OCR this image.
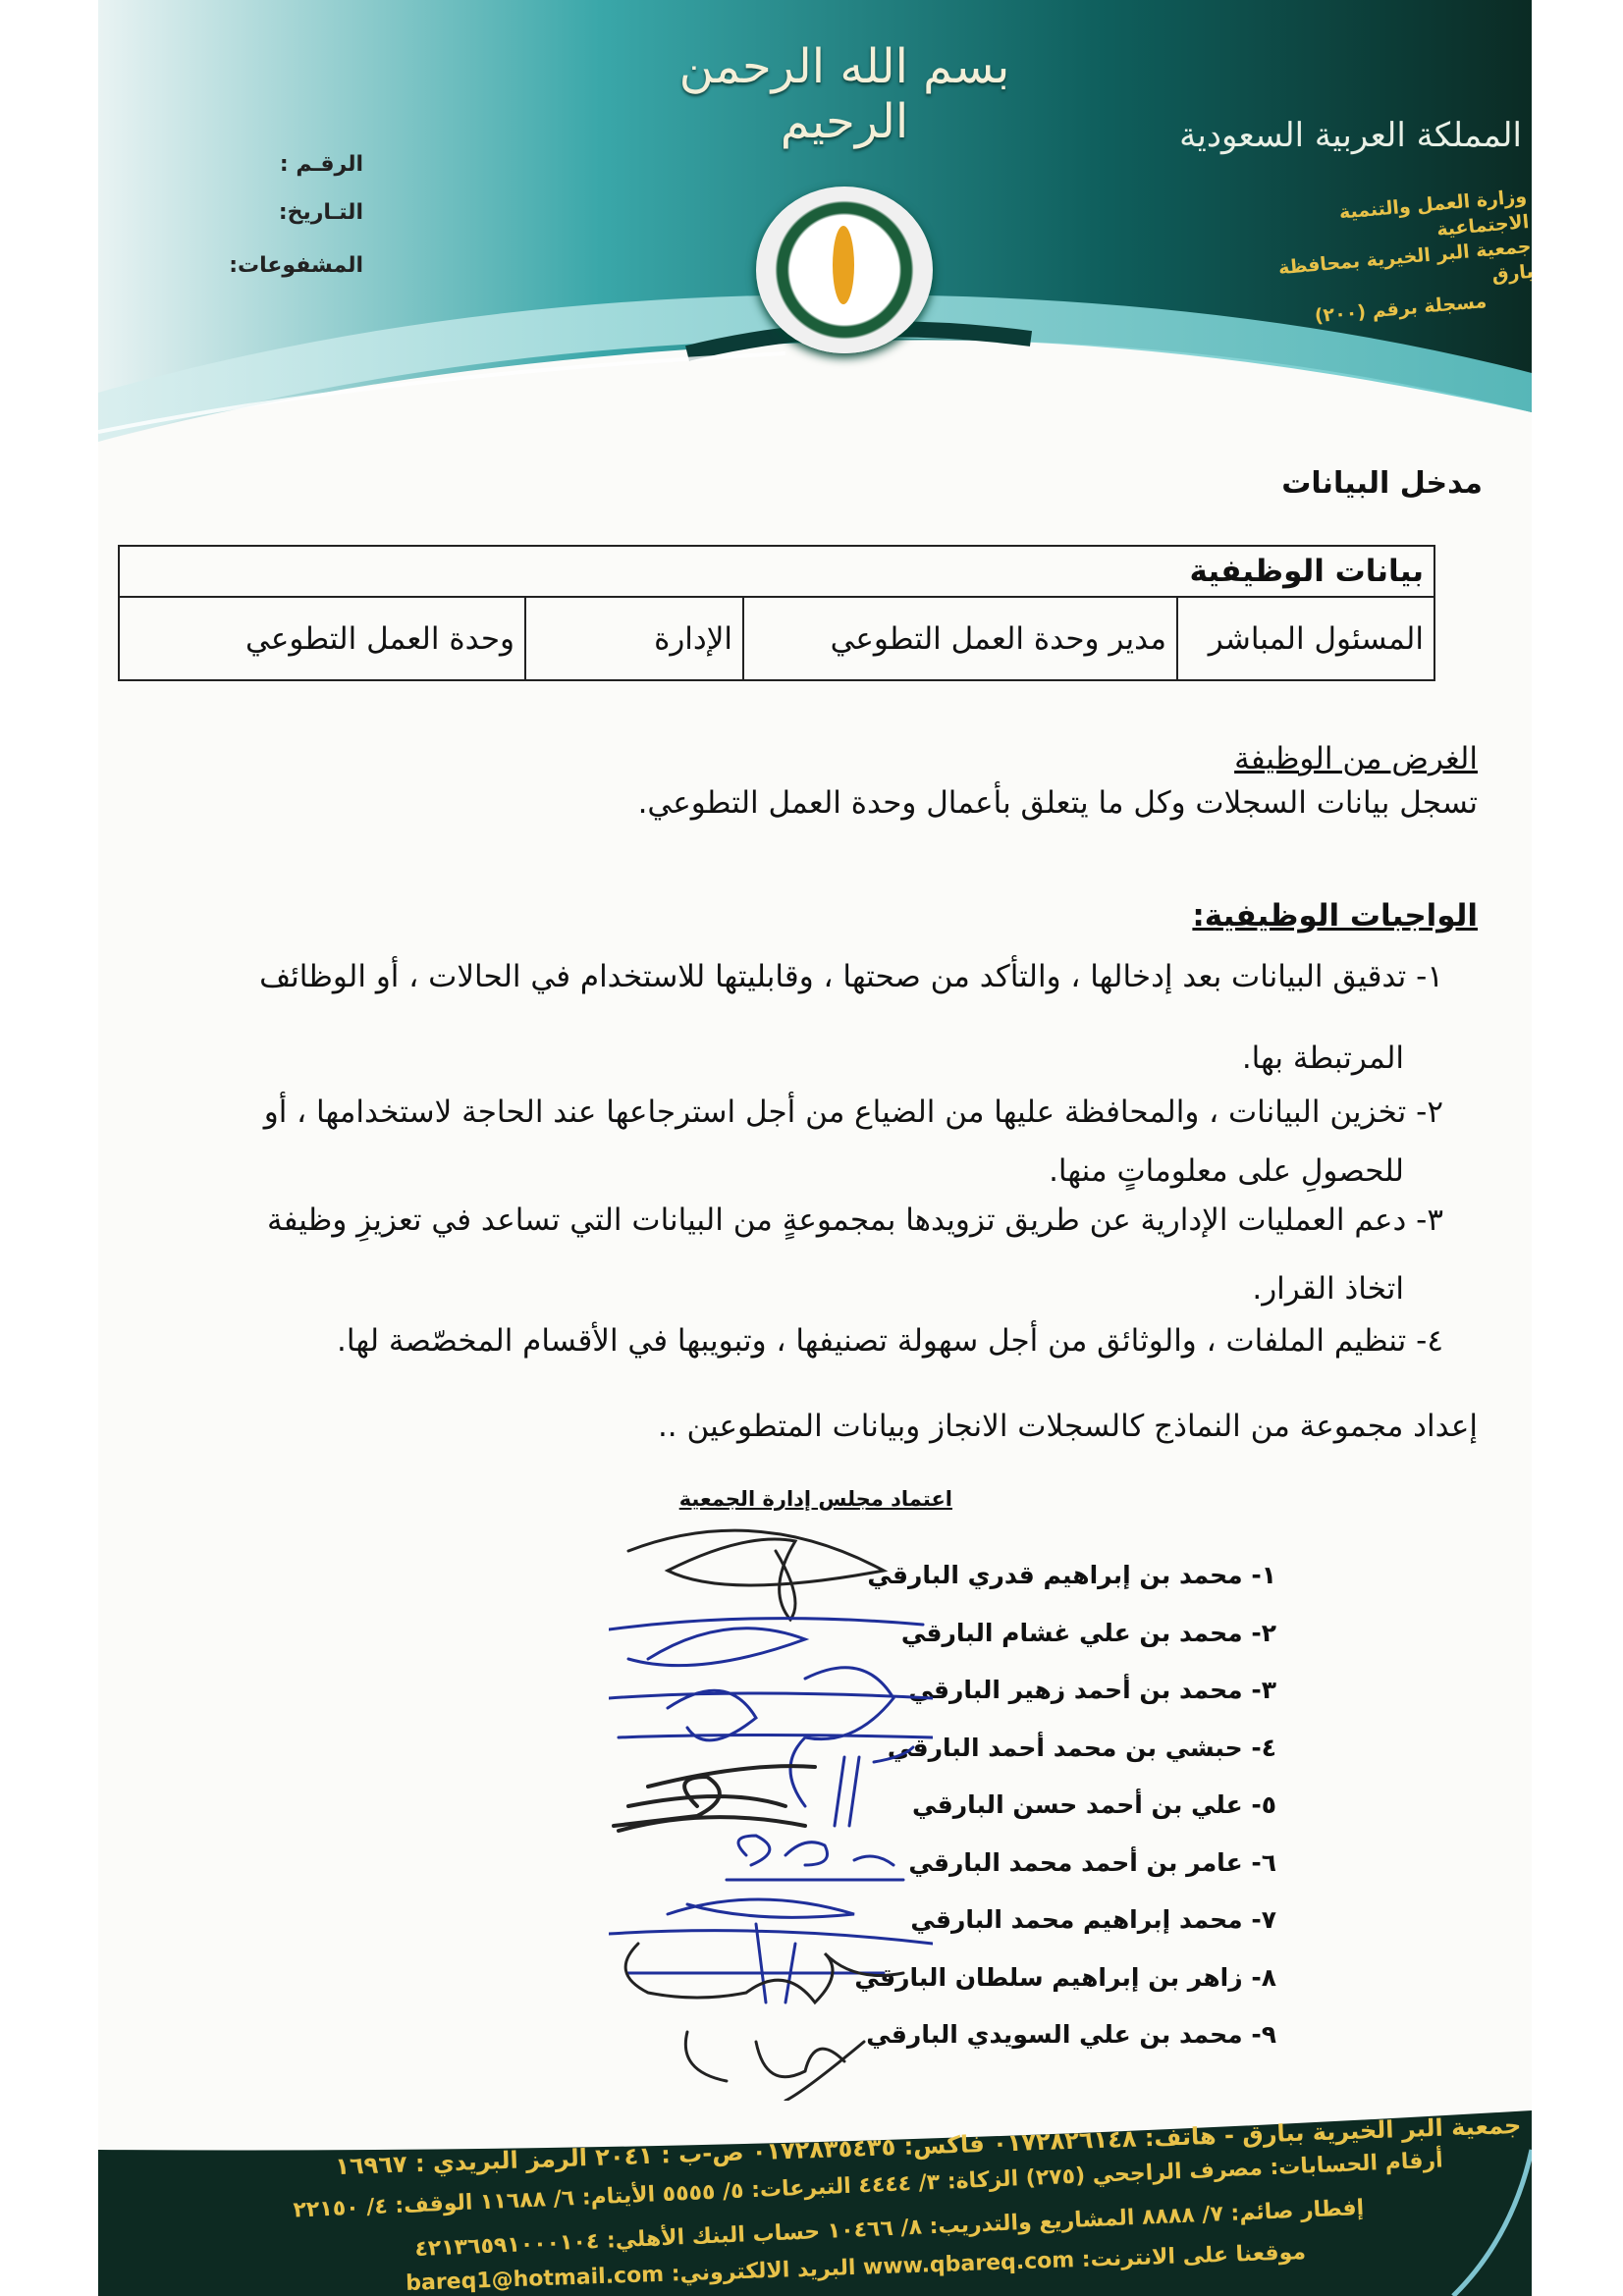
بسم الله الرحمن الرحيم	المملكة العربية السعودية
وزارة العمل والتنمية الاجتماعية
جمعية البر الخيرية بمحافظة بارق
مسجلة برقم (٢٠٠)
الرقـم :
التـاريخ:
المشفوعات:
مدخل البيانات
بيانات الوظيفية
المسئول المباشر	مدير وحدة العمل التطوعي	الإدارة	وحدة العمل التطوعي
الغرض من الوظيفة
تسجل بيانات السجلات وكل ما يتعلق بأعمال وحدة العمل التطوعي.
الواجبات الوظيفية:
١- تدقيق البيانات بعد إدخالها ، والتأكد من صحتها ، وقابليتها للاستخدام في الحالات ، أو الوظائف
المرتبطة بها.
٢- تخزين البيانات ، والمحافظة عليها من الضياع من أجل استرجاعها عند الحاجة لاستخدامها ، أو
للحصولِ على معلوماتٍ منها.
٣- دعم العمليات الإدارية عن طريق تزويدها بمجموعةٍ من البيانات التي تساعد في تعزيزِ وظيفة
اتخاذ القرار.
٤- تنظيم الملفات ، والوثائق من أجل سهولة تصنيفها ، وتبويبها في الأقسام المخصّصة لها.
إعداد مجموعة من النماذج كالسجلات الانجاز وبيانات المتطوعين ..
اعتماد مجلس إدارة الجمعية
١- محمد بن إبراهيم قدري البارقي
٢- محمد بن علي غشام البارقي
٣- محمد بن أحمد زهير البارقي
٤- حبشي بن محمد أحمد البارقي
٥- علي بن أحمد حسن البارقي
٦- عامر بن أحمد محمد البارقي
٧- محمد إبراهيم محمد البارقي
٨- زاهر بن إبراهيم سلطان البارقي
٩- محمد بن علي السويدي البارقي
جمعية البر الخيرية ببارق - هاتف: ٠١٧٢٨٢٦١٤٨ فاكس: ٠١٧٢٨٣٥٤٣٥ ص-ب : ٢٠٤١ الرمز البريدي : ١٦٩٦٧
أرقام الحسابات: مصرف الراجحي (٢٧٥) الزكاة: ٣/ ٤٤٤٤ التبرعات: ٥/ ٥٥٥٥ الأيتام: ٦/ ١١٦٨٨ الوقف: ٤/ ٢٢١٥٠
إفطار صائم: ٧/ ٨٨٨٨ المشاريع والتدريب: ٨/ ١٠٤٦٦ حساب البنك الأهلي: ٤٢١٣٦٥٩١٠٠٠١٠٤
موقعنا على الانترنت: www.qbareq.com البريد الالكتروني: bareq1@hotmail.com
